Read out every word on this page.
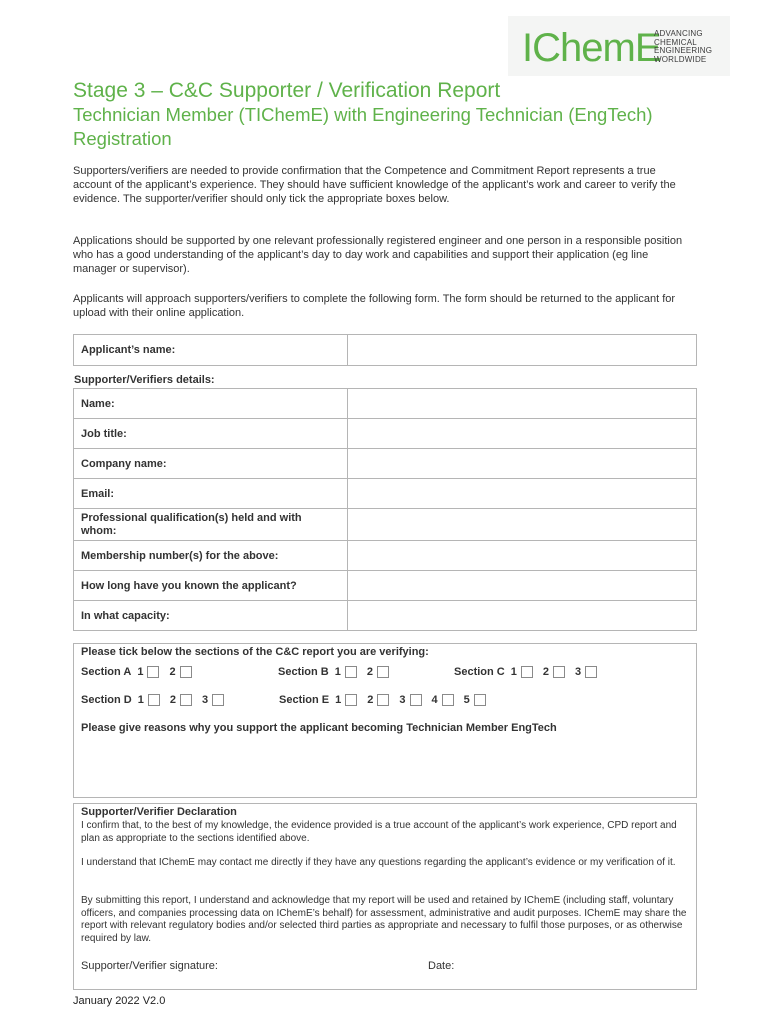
IChemE
ADVANCING
CHEMICAL
ENGINEERING
WORLDWIDE
Stage 3 – C&C Supporter / Verification Report
Technician Member (TIChemE) with Engineering Technician (EngTech) Registration
Supporters/verifiers are needed to provide confirmation that the Competence and Commitment Report represents a true account of the applicant’s experience. They should have sufficient knowledge of the applicant’s work and career to verify the evidence. The supporter/verifier should only tick the appropriate boxes below.
Applications should be supported by one relevant professionally registered engineer and one person in a responsible position who has a good understanding of the applicant’s day to day work and capabilities and support their application (eg line manager or supervisor).
Applicants will approach supporters/verifiers to complete the following form. The form should be returned to the applicant for upload with their online application.
Applicant’s name:	
Supporter/Verifiers details:
Name:	
Job title:	
Company name:	
Email:	
Professional qualification(s) held and with whom:	
Membership number(s) for the above:	
How long have you known the applicant?	
In what capacity:	
Please tick below the sections of the C&C report you are verifying:
Section A 1 2	Section B 1 2	Section C 1 2 3
Section D 1 2 3	Section E 1 2 3 4 5
Please give reasons why you support the applicant becoming Technician Member EngTech
Supporter/Verifier Declaration
I confirm that, to the best of my knowledge, the evidence provided is a true account of the applicant’s work experience, CPD report and plan as appropriate to the sections identified above.
I understand that IChemE may contact me directly if they have any questions regarding the applicant’s evidence or my verification of it.
By submitting this report, I understand and acknowledge that my report will be used and retained by IChemE (including staff, voluntary officers, and companies processing data on IChemE’s behalf) for assessment, administrative and audit purposes. IChemE may share the report with relevant regulatory bodies and/or selected third parties as appropriate and necessary to fulfil those purposes, or as otherwise required by law.
Supporter/Verifier signature:	Date:
January 2022 V2.0
